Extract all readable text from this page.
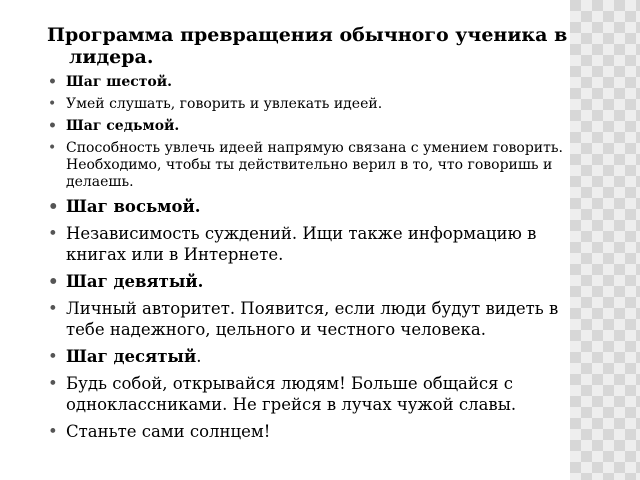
Программа превращения обычного ученика в лидера.
• Шаг шестой.
• Умей слушать, говорить и увлекать идеей.
• Шаг седьмой.
• Способность увлечь идеей напрямую связана с умением говорить. Необходимо, чтобы ты действительно верил в то, что говоришь и делаешь.
• Шаг восьмой.
• Независимость суждений. Ищи также информацию в книгах или в Интернете.
• Шаг девятый.
• Личный авторитет. Появится, если люди будут видеть в тебе надежного, цельного и честного человека.
• Шаг десятый.
• Будь собой, открывайся людям! Больше общайся с одноклассниками. Не грейся в лучах чужой славы.
• Станьте сами солнцем!
